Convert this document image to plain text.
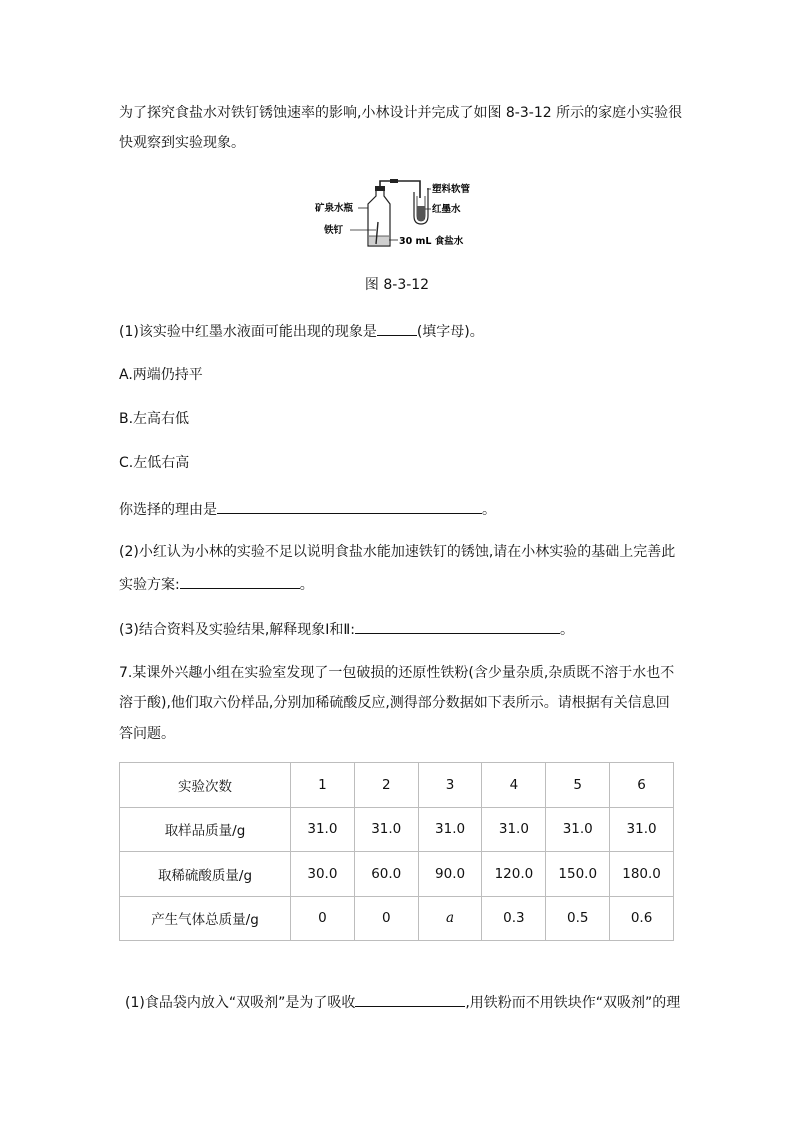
为了探究食盐水对铁钉锈蚀速率的影响,小林设计并完成了如图 8-3-12 所示的家庭小实验很
快观察到实验现象。
塑料软管
红墨水
矿泉水瓶
铁钉
30 mL 食盐水
图 8-3-12
(1)该实验中红墨水液面可能出现的现象是	(填字母)。
A.两端仍持平
B.左高右低
C.左低右高
你选择的理由是	。
(2)小红认为小林的实验不足以说明食盐水能加速铁钉的锈蚀,请在小林实验的基础上完善此
实验方案:	。
(3)结合资料及实验结果,解释现象Ⅰ和Ⅱ:	。
7.某课外兴趣小组在实验室发现了一包破损的还原性铁粉(含少量杂质,杂质既不溶于水也不
溶于酸),他们取六份样品,分别加稀硫酸反应,测得部分数据如下表所示。请根据有关信息回
答问题。
实验次数	1	2	3	4	5	6
取样品质量/g	31.0	31.0	31.0	31.0	31.0	31.0
取稀硫酸质量/g	30.0	60.0	90.0	120.0	150.0	180.0
产生气体总质量/g	0	0	a	0.3	0.5	0.6
(1)食品袋内放入“双吸剂”是为了吸收	,用铁粉而不用铁块作“双吸剂”的理
